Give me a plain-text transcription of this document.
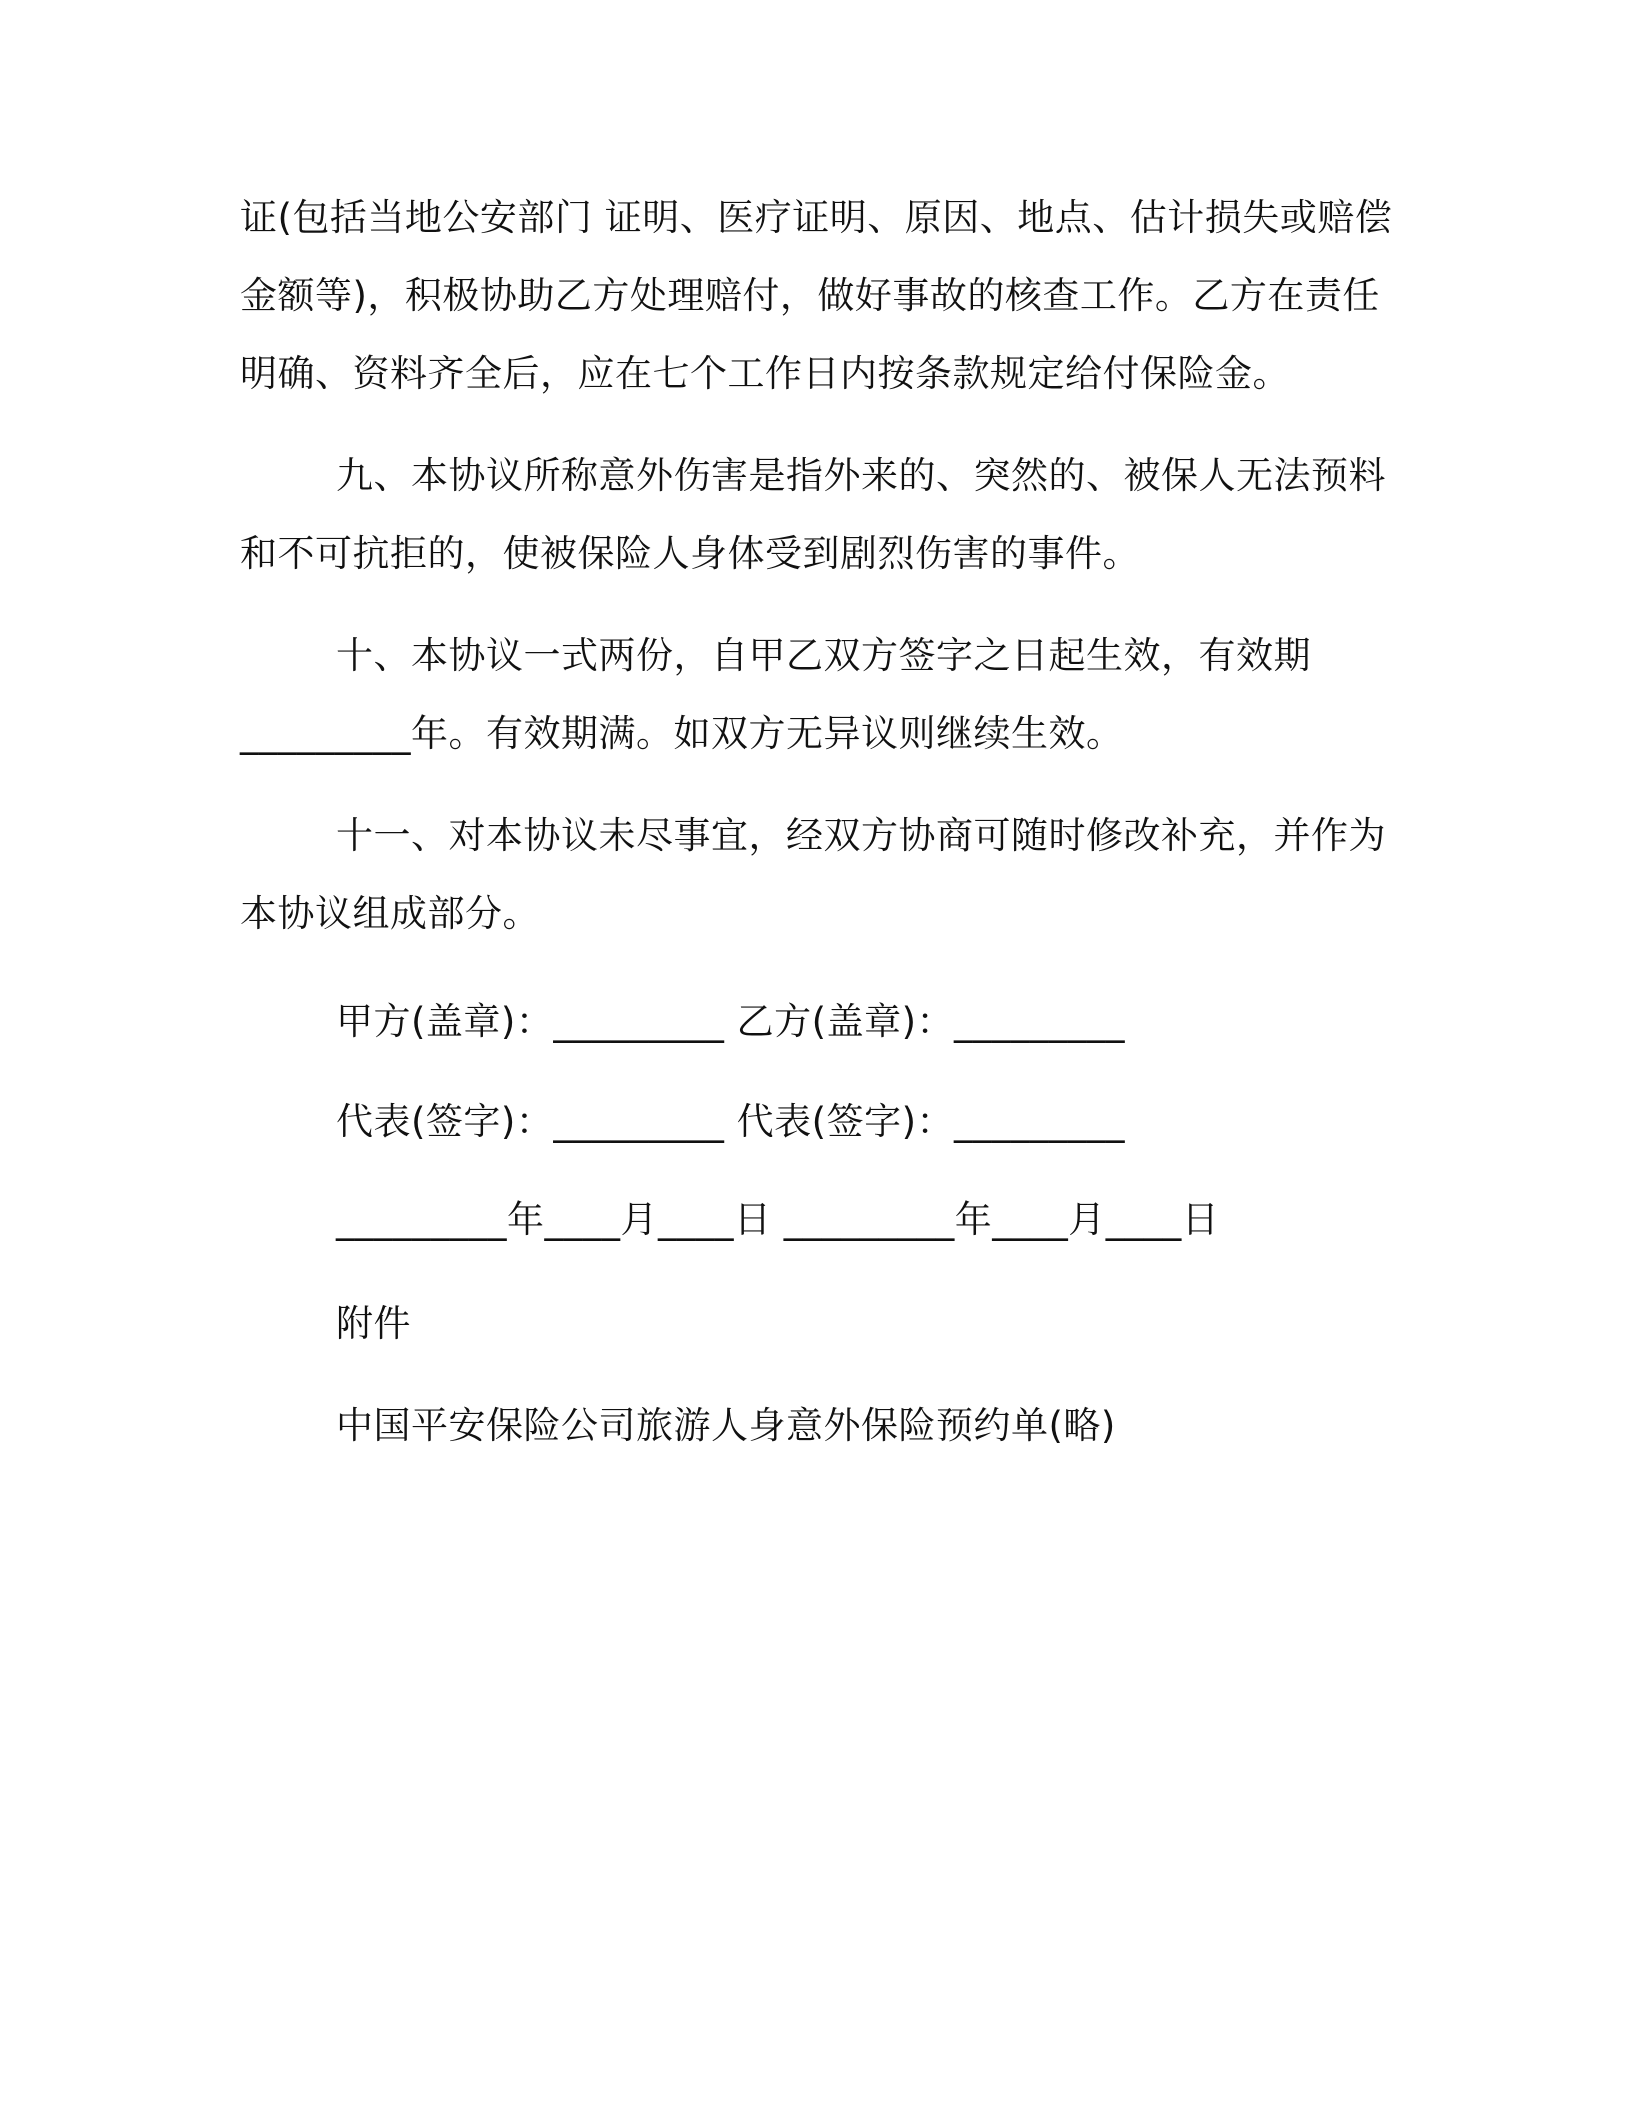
证(包括当地公安部门 证明、医疗证明、原因、地点、估计损失或赔偿
金额等)，积极协助乙方处理赔付，做好事故的核查工作。乙方在责任
明确、资料齐全后，应在七个工作日内按条款规定给付保险金。
九、本协议所称意外伤害是指外来的、突然的、被保人无法预料
和不可抗拒的，使被保险人身体受到剧烈伤害的事件。
十、本协议一式两份，自甲乙双方签字之日起生效，有效期
_________年。有效期满。如双方无异议则继续生效。
十一、对本协议未尽事宜，经双方协商可随时修改补充，并作为
本协议组成部分。
甲方(盖章)：_________ 乙方(盖章)：_________
代表(签字)：_________ 代表(签字)：_________
_________年____月____日 _________年____月____日
附件
中国平安保险公司旅游人身意外保险预约单(略)
